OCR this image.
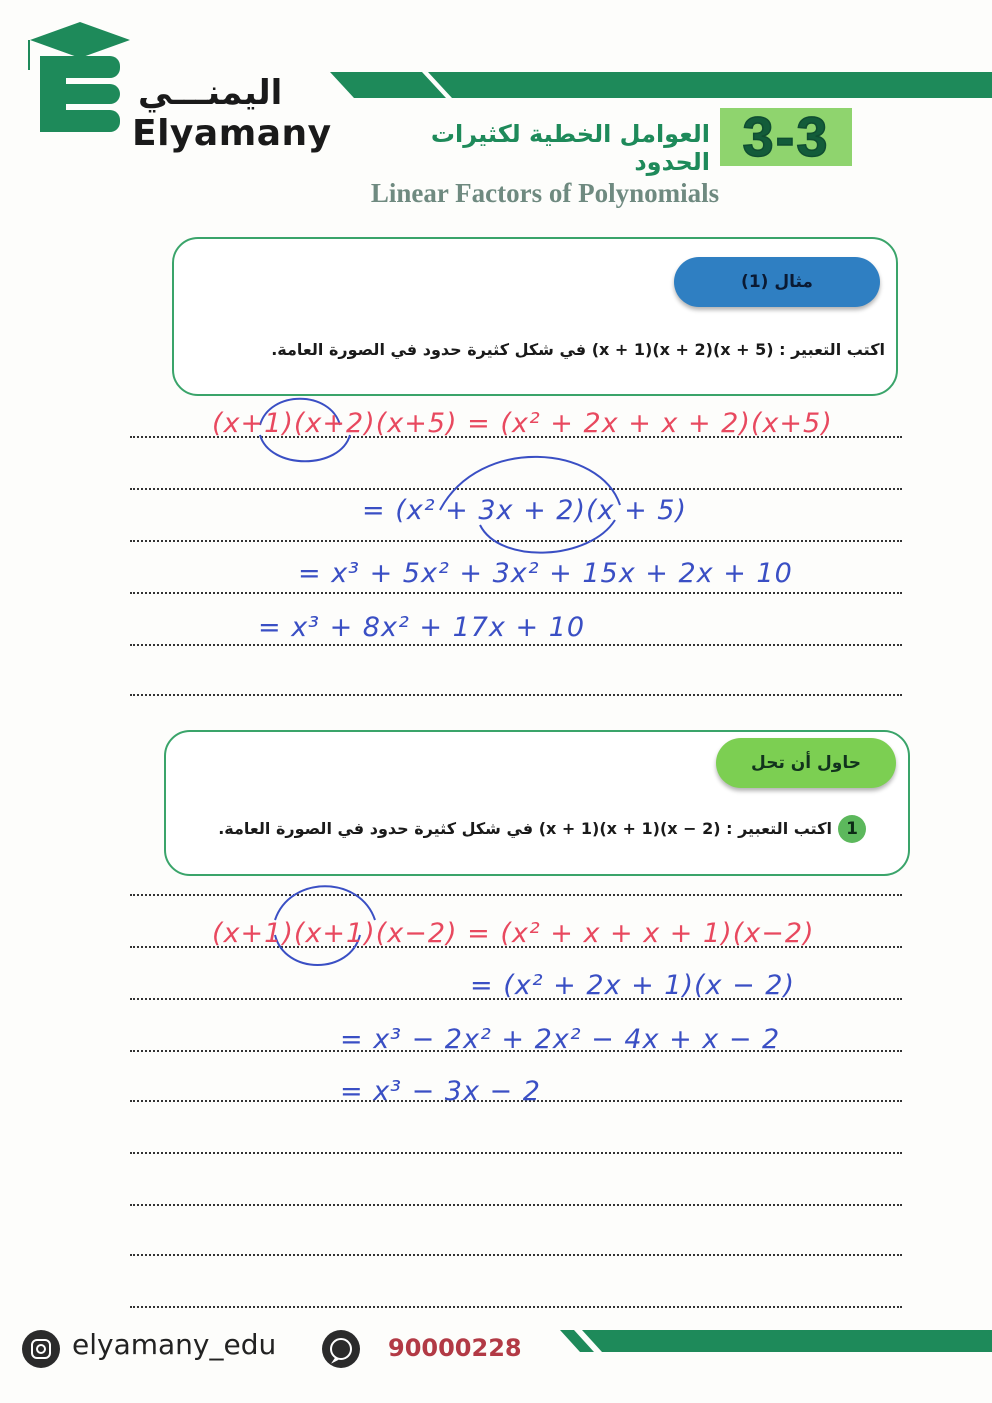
اليمنـــي
Elyamany	3-3
العوامل الخطية لكثيرات الحدود
Linear Factors of Polynomials
مثال (1)
اكتب التعبير : (x + 5)(x + 2)(x + 1) في شكل كثيرة حدود في الصورة العامة.
(x+1)(x+2)(x+5) = (x² + 2x + x + 2)(x+5)
= (x² + 3x + 2)(x + 5)
= x³ + 5x² + 3x² + 15x + 2x + 10
= x³ + 8x² + 17x + 10
حاول أن تحل
1اكتب التعبير : (x − 2)(x + 1)(x + 1) في شكل كثيرة حدود في الصورة العامة.
(x+1)(x+1)(x−2) = (x² + x + x + 1)(x−2)
= (x² + 2x + 1)(x − 2)
= x³ − 2x² + 2x² − 4x + x − 2
= x³ − 3x − 2
elyamany_edu	90000228
